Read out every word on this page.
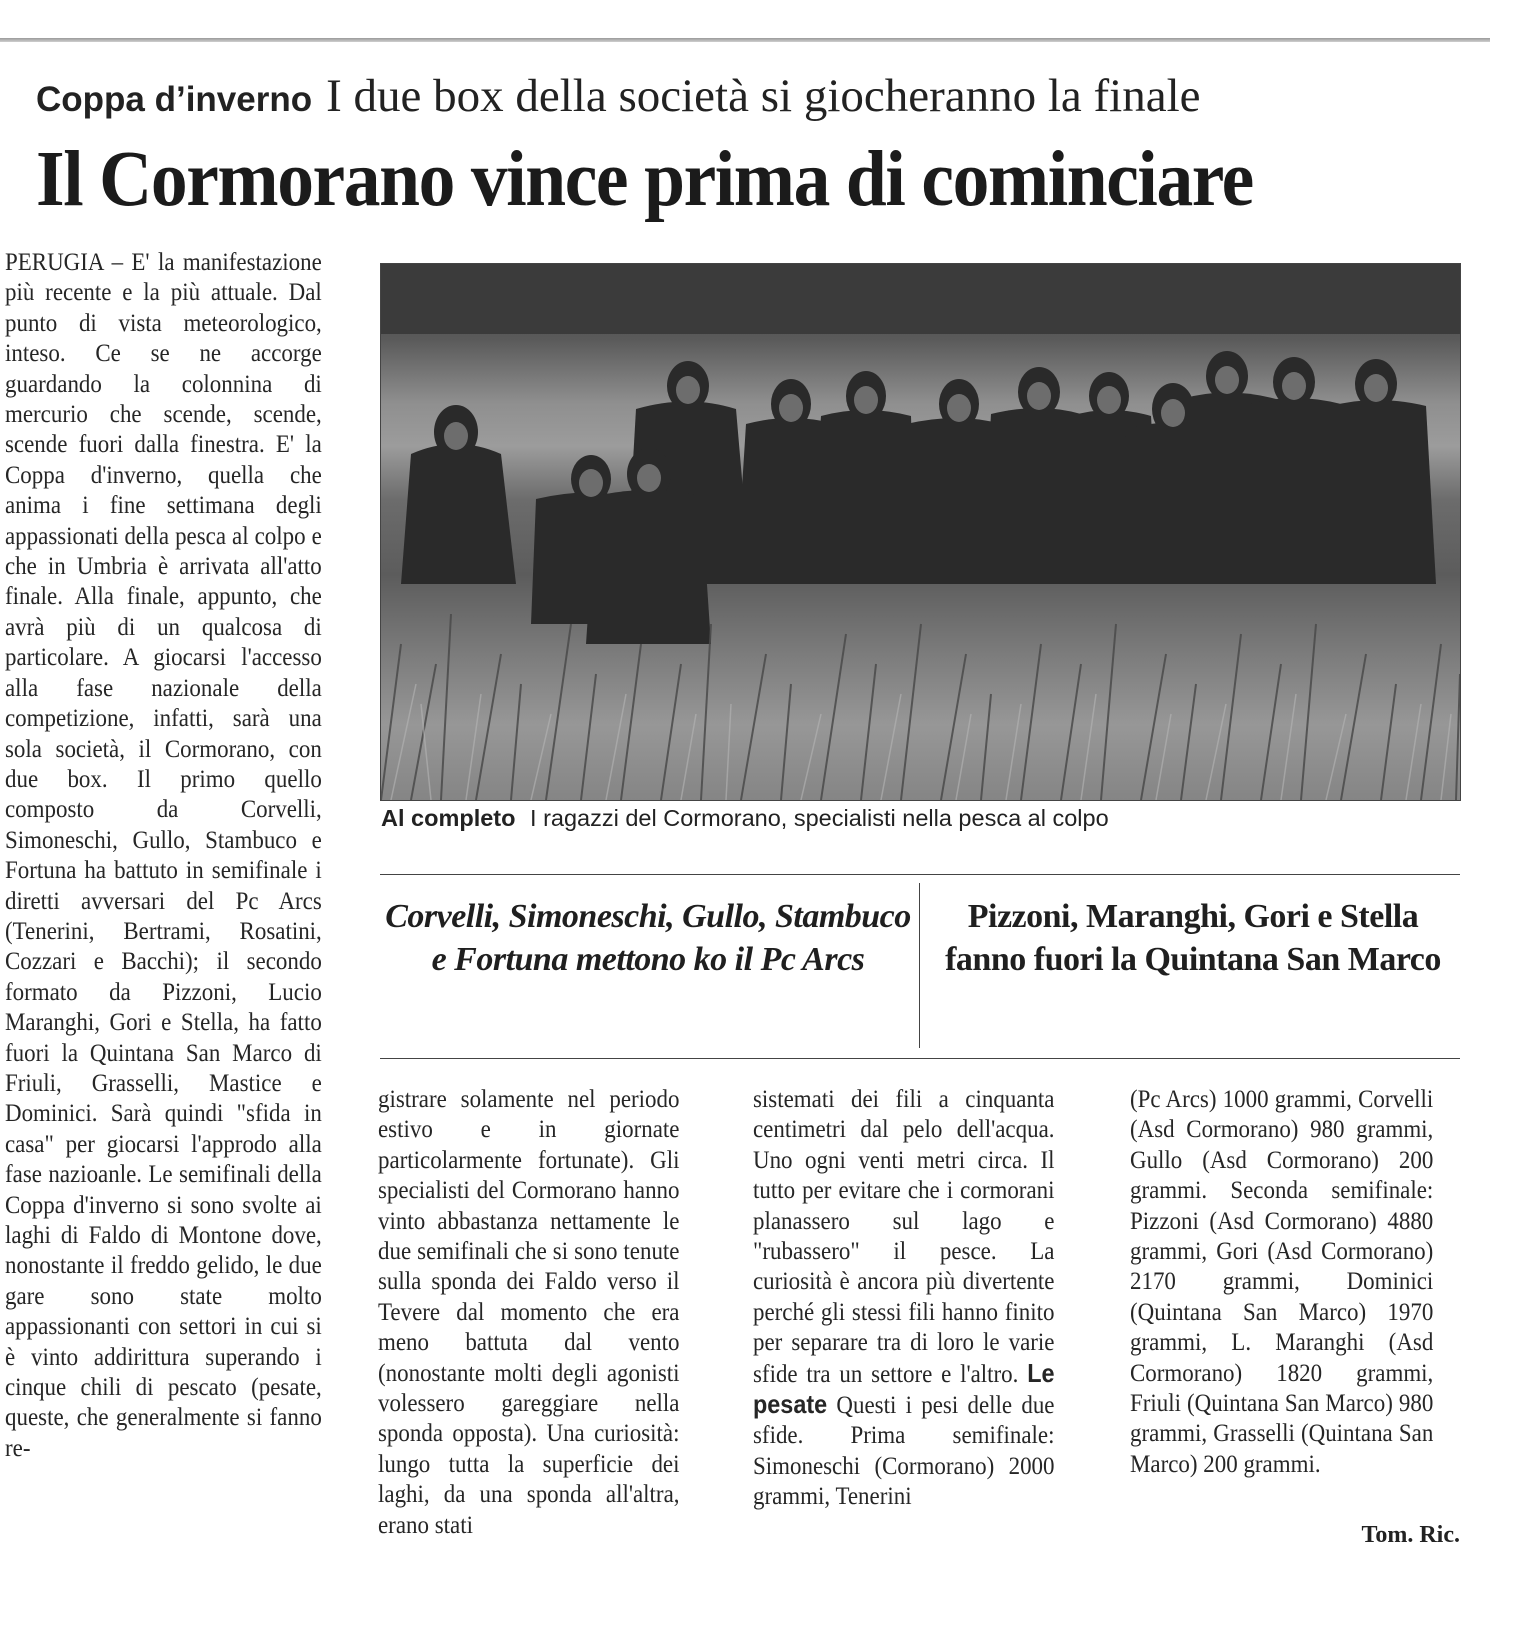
Coppa d’inverno I due box della società si giocheranno la finale
Il Cormorano vince prima di cominciare

PERUGIA – E' la manifestazione più recente e la più attuale. Dal punto di vista meteorologico, inteso. Ce se ne accorge guardando la colonnina di mercurio che scende, scende, scende fuori dalla finestra. E' la Coppa d'inverno, quella che anima i fine settimana degli appassionati della pesca al colpo e che in Umbria è arrivata all'atto finale. Alla finale, appunto, che avrà più di un qualcosa di particolare. A giocarsi l'accesso alla fase nazionale della competizione, infatti, sarà una sola società, il Cormorano, con due box. Il primo quello composto da Corvelli, Simoneschi, Gullo, Stambuco e Fortuna ha battuto in semifinale i diretti avversari del Pc Arcs (Tenerini, Bertrami, Rosatini, Cozzari e Bacchi); il secondo formato da Pizzoni, Lucio Maranghi, Gori e Stella, ha fatto fuori la Quintana San Marco di Friuli, Grasselli, Mastice e Dominici. Sarà quindi "sfida in casa" per giocarsi l'approdo alla fase nazioanle. Le semifinali della Coppa d'inverno si sono svolte ai laghi di Faldo di Montone dove, nonostante il freddo gelido, le due gare sono state molto appassionanti con settori in cui si è vinto addirittura superando i cinque chili di pescato (pesate, queste, che generalmente si fanno re-

Al completo I ragazzi del Cormorano, specialisti nella pesca al colpo

Corvelli, Simoneschi, Gullo, Stambuco e Fortuna mettono ko il Pc Arcs

Pizzoni, Maranghi, Gori e Stella fanno fuori la Quintana San Marco

gistrare solamente nel periodo estivo e in giornate particolarmente fortunate). Gli specialisti del Cormorano hanno vinto abbastanza nettamente le due semifinali che si sono tenute sulla sponda dei Faldo verso il Tevere dal momento che era meno battuta dal vento (nonostante molti degli agonisti volessero gareggiare nella sponda opposta). Una curiosità: lungo tutta la superficie dei laghi, da una sponda all'altra, erano stati

sistemati dei fili a cinquanta centimetri dal pelo dell'acqua. Uno ogni venti metri circa. Il tutto per evitare che i cormorani planassero sul lago e "rubassero" il pesce. La curiosità è ancora più divertente perché gli stessi fili hanno finito per separare tra di loro le varie sfide tra un settore e l'altro. Le pesate Questi i pesi delle due sfide. Prima semifinale: Simoneschi (Cormorano) 2000 grammi, Tenerini

(Pc Arcs) 1000 grammi, Corvelli (Asd Cormorano) 980 grammi, Gullo (Asd Cormorano) 200 grammi. Seconda semifinale: Pizzoni (Asd Cormorano) 4880 grammi, Gori (Asd Cormorano) 2170 grammi, Dominici (Quintana San Marco) 1970 grammi, L. Maranghi (Asd Cormorano) 1820 grammi, Friuli (Quintana San Marco) 980 grammi, Grasselli (Quintana San Marco) 200 grammi.

Tom. Ric.
